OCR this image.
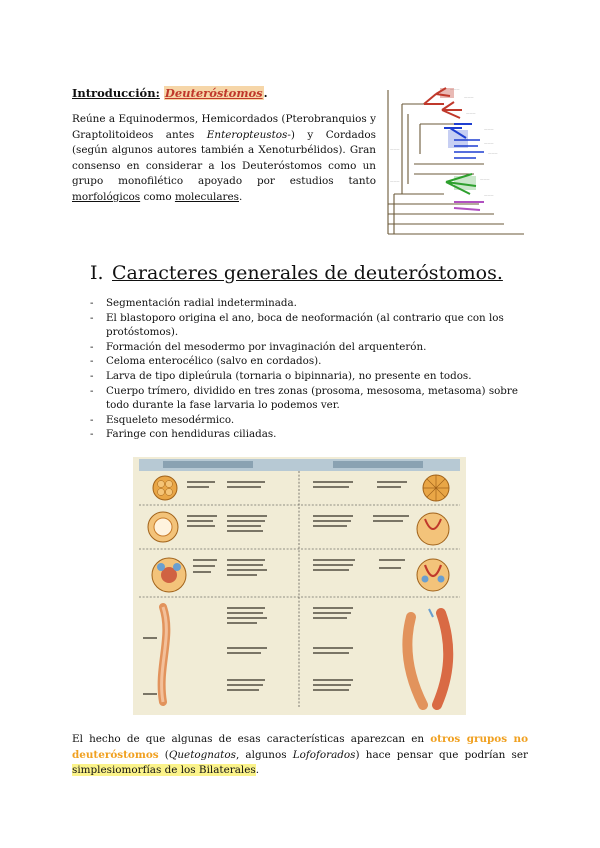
Introducción: Deuteróstomos.
Reúne a Equinodermos, Hemicordados (Pterobranquios y Graptolitoideos antes Enteropteustos-) y Cordados (según algunos autores también a Xenoturbélidos). Gran consenso en considerar a los Deuteróstomos como un grupo monofilético apoyado por estudios tanto morfológicos como moleculares.
———
———
———
———
———
———
———
———
———
———
I. Caracteres generales de deuteróstomos.
- Segmentación radial indeterminada.
- El blastoporo origina el ano, boca de neoformación (al contrario que con los protóstomos).
- Formación del mesodermo por invaginación del arquenterón.
- Celoma enterocélico (salvo en cordados).
- Larva de tipo dipleúrula (tornaria o bipinnaria), no presente en todos.
- Cuerpo trímero, dividido en tres zonas (prosoma, mesosoma, metasoma) sobre todo durante la fase larvaria lo podemos ver.
- Esqueleto mesodérmico.
- Faringe con hendiduras ciliadas.
El hecho de que algunas de esas características aparezcan en otros grupos no deuteróstomos (Quetognatos, algunos Lofoforados) hace pensar que podrían ser simplesiomorfías de los Bilaterales.
